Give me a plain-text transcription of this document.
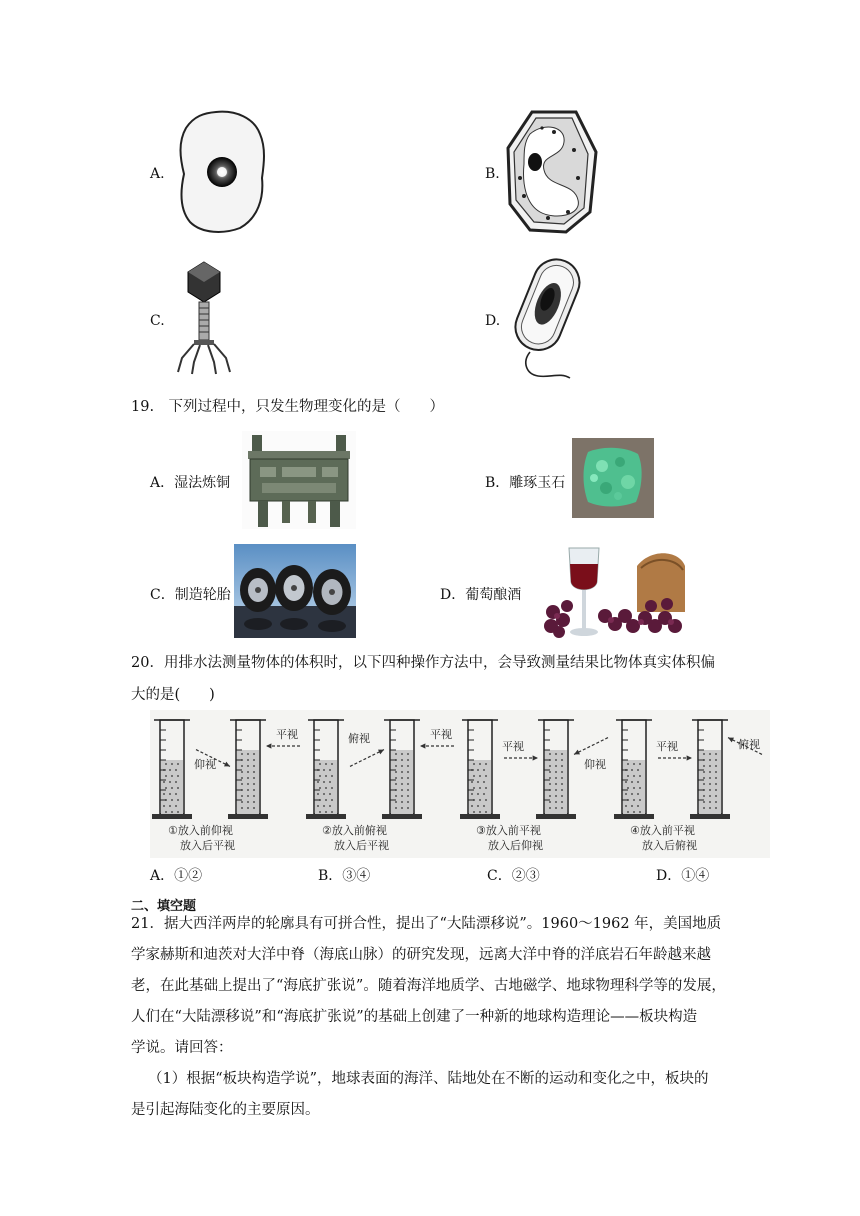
A.	B.
C.	D.
19.　下列过程中，只发生物理变化的是（　　）
A．湿法炼铜	B．雕琢玉石
C．制造轮胎	D．葡萄酿酒
20．用排水法测量物体的体积时，以下四种操作方法中，会导致测量结果比物体真实体积偏
大的是(　　)
仰视
平视
①放入前仰视
放入后平视
俯视	平视
②放入前俯视
放入后平视
平视
仰视
③放入前平视
放入后仰视
平视	俯视
④放入前平视
放入后俯视
A．①②	B．③④	C．②③	D．①④
二、填空题
21．据大西洋两岸的轮廓具有可拼合性，提出了“大陆漂移说”。1960～1962 年，美国地质
学家赫斯和迪茨对大洋中脊（海底山脉）的研究发现，远离大洋中脊的洋底岩石年龄越来越
老，在此基础上提出了“海底扩张说”。随着海洋地质学、古地磁学、地球物理科学等的发展，
人们在“大陆漂移说”和“海底扩张说”的基础上创建了一种新的地球构造理论——板块构造
学说。请回答：
（1）根据“板块构造学说”，地球表面的海洋、陆地处在不断的运动和变化之中，板块的
是引起海陆变化的主要原因。
